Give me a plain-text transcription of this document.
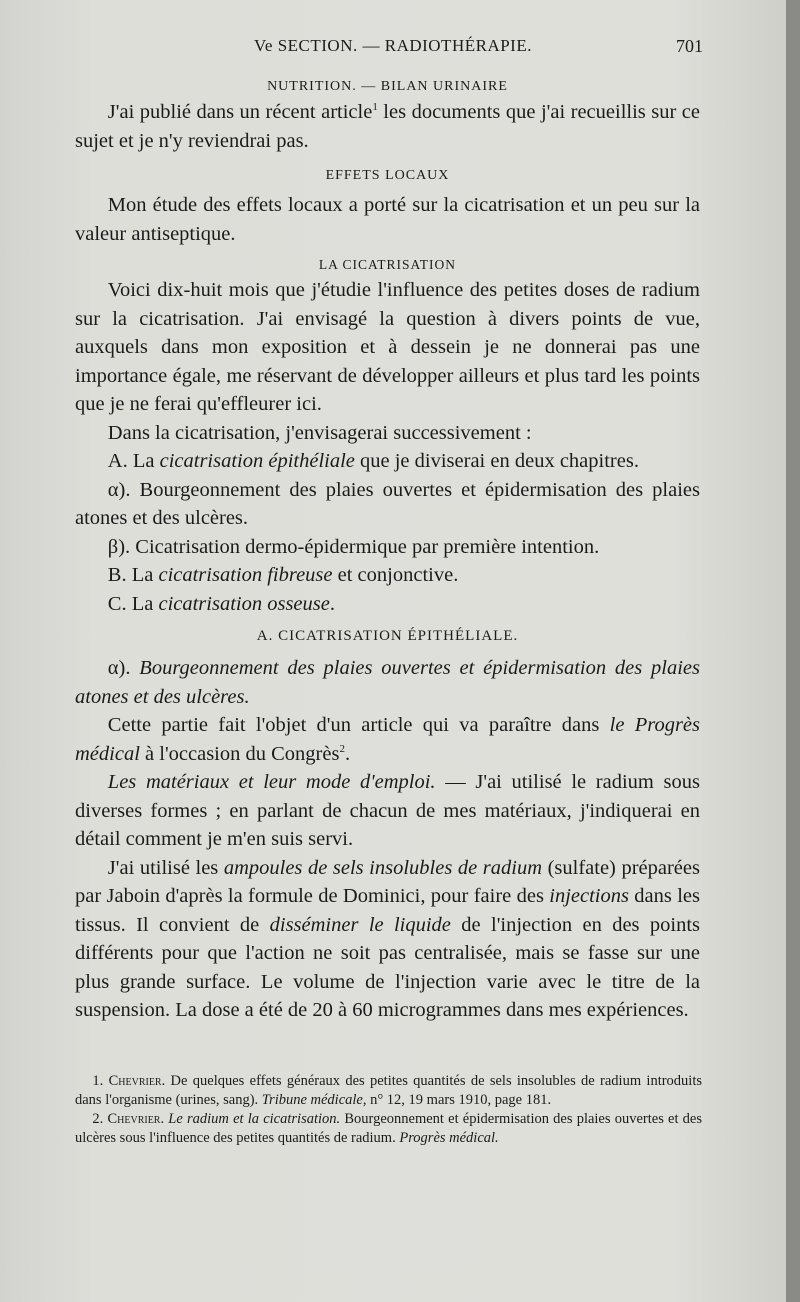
Ve SECTION. — RADIOTHÉRAPIE.	701
NUTRITION. — BILAN URINAIRE

J'ai publié dans un récent article$^1$ les documents que j'ai recueillis sur ce sujet et je n'y reviendrai pas.

EFFETS LOCAUX

Mon étude des effets locaux a porté sur la cicatrisation et un peu sur la valeur antiseptique.

LA CICATRISATION

Voici dix-huit mois que j'étudie l'influence des petites doses de radium sur la cicatrisation. J'ai envisagé la question à divers points de vue, auxquels dans mon exposition et à dessein je ne donnerai pas une importance égale, me réservant de développer ailleurs et plus tard les points que je ne ferai qu'effleurer ici.

Dans la cicatrisation, j'envisagerai successivement :

A. La cicatrisation épithéliale que je diviserai en deux chapitres.

α). Bourgeonnement des plaies ouvertes et épidermisation des plaies atones et des ulcères.

β). Cicatrisation dermo-épidermique par première intention.

B. La cicatrisation fibreuse et conjonctive.

C. La cicatrisation osseuse.

A. CICATRISATION ÉPITHÉLIALE.

α). Bourgeonnement des plaies ouvertes et épidermisation des plaies atones et des ulcères.

Cette partie fait l'objet d'un article qui va paraître dans le Progrès médical à l'occasion du Congrès$^2$.

Les matériaux et leur mode d'emploi. — J'ai utilisé le radium sous diverses formes ; en parlant de chacun de mes matériaux, j'indiquerai en détail comment je m'en suis servi.

J'ai utilisé les ampoules de sels insolubles de radium (sulfate) préparées par Jaboin d'après la formule de Dominici, pour faire des injections dans les tissus. Il convient de disséminer le liquide de l'injection en des points différents pour que l'action ne soit pas centralisée, mais se fasse sur une plus grande surface. Le volume de l'injection varie avec le titre de la suspension. La dose a été de 20 à 60 microgrammes dans mes expériences.

1. Chevrier. De quelques effets généraux des petites quantités de sels insolubles de radium introduits dans l'organisme (urines, sang). Tribune médicale, n° 12, 19 mars 1910, page 181.

2. Chevrier. Le radium et la cicatrisation. Bourgeonnement et épidermisation des plaies ouvertes et des ulcères sous l'influence des petites quantités de radium. Progrès médical.
